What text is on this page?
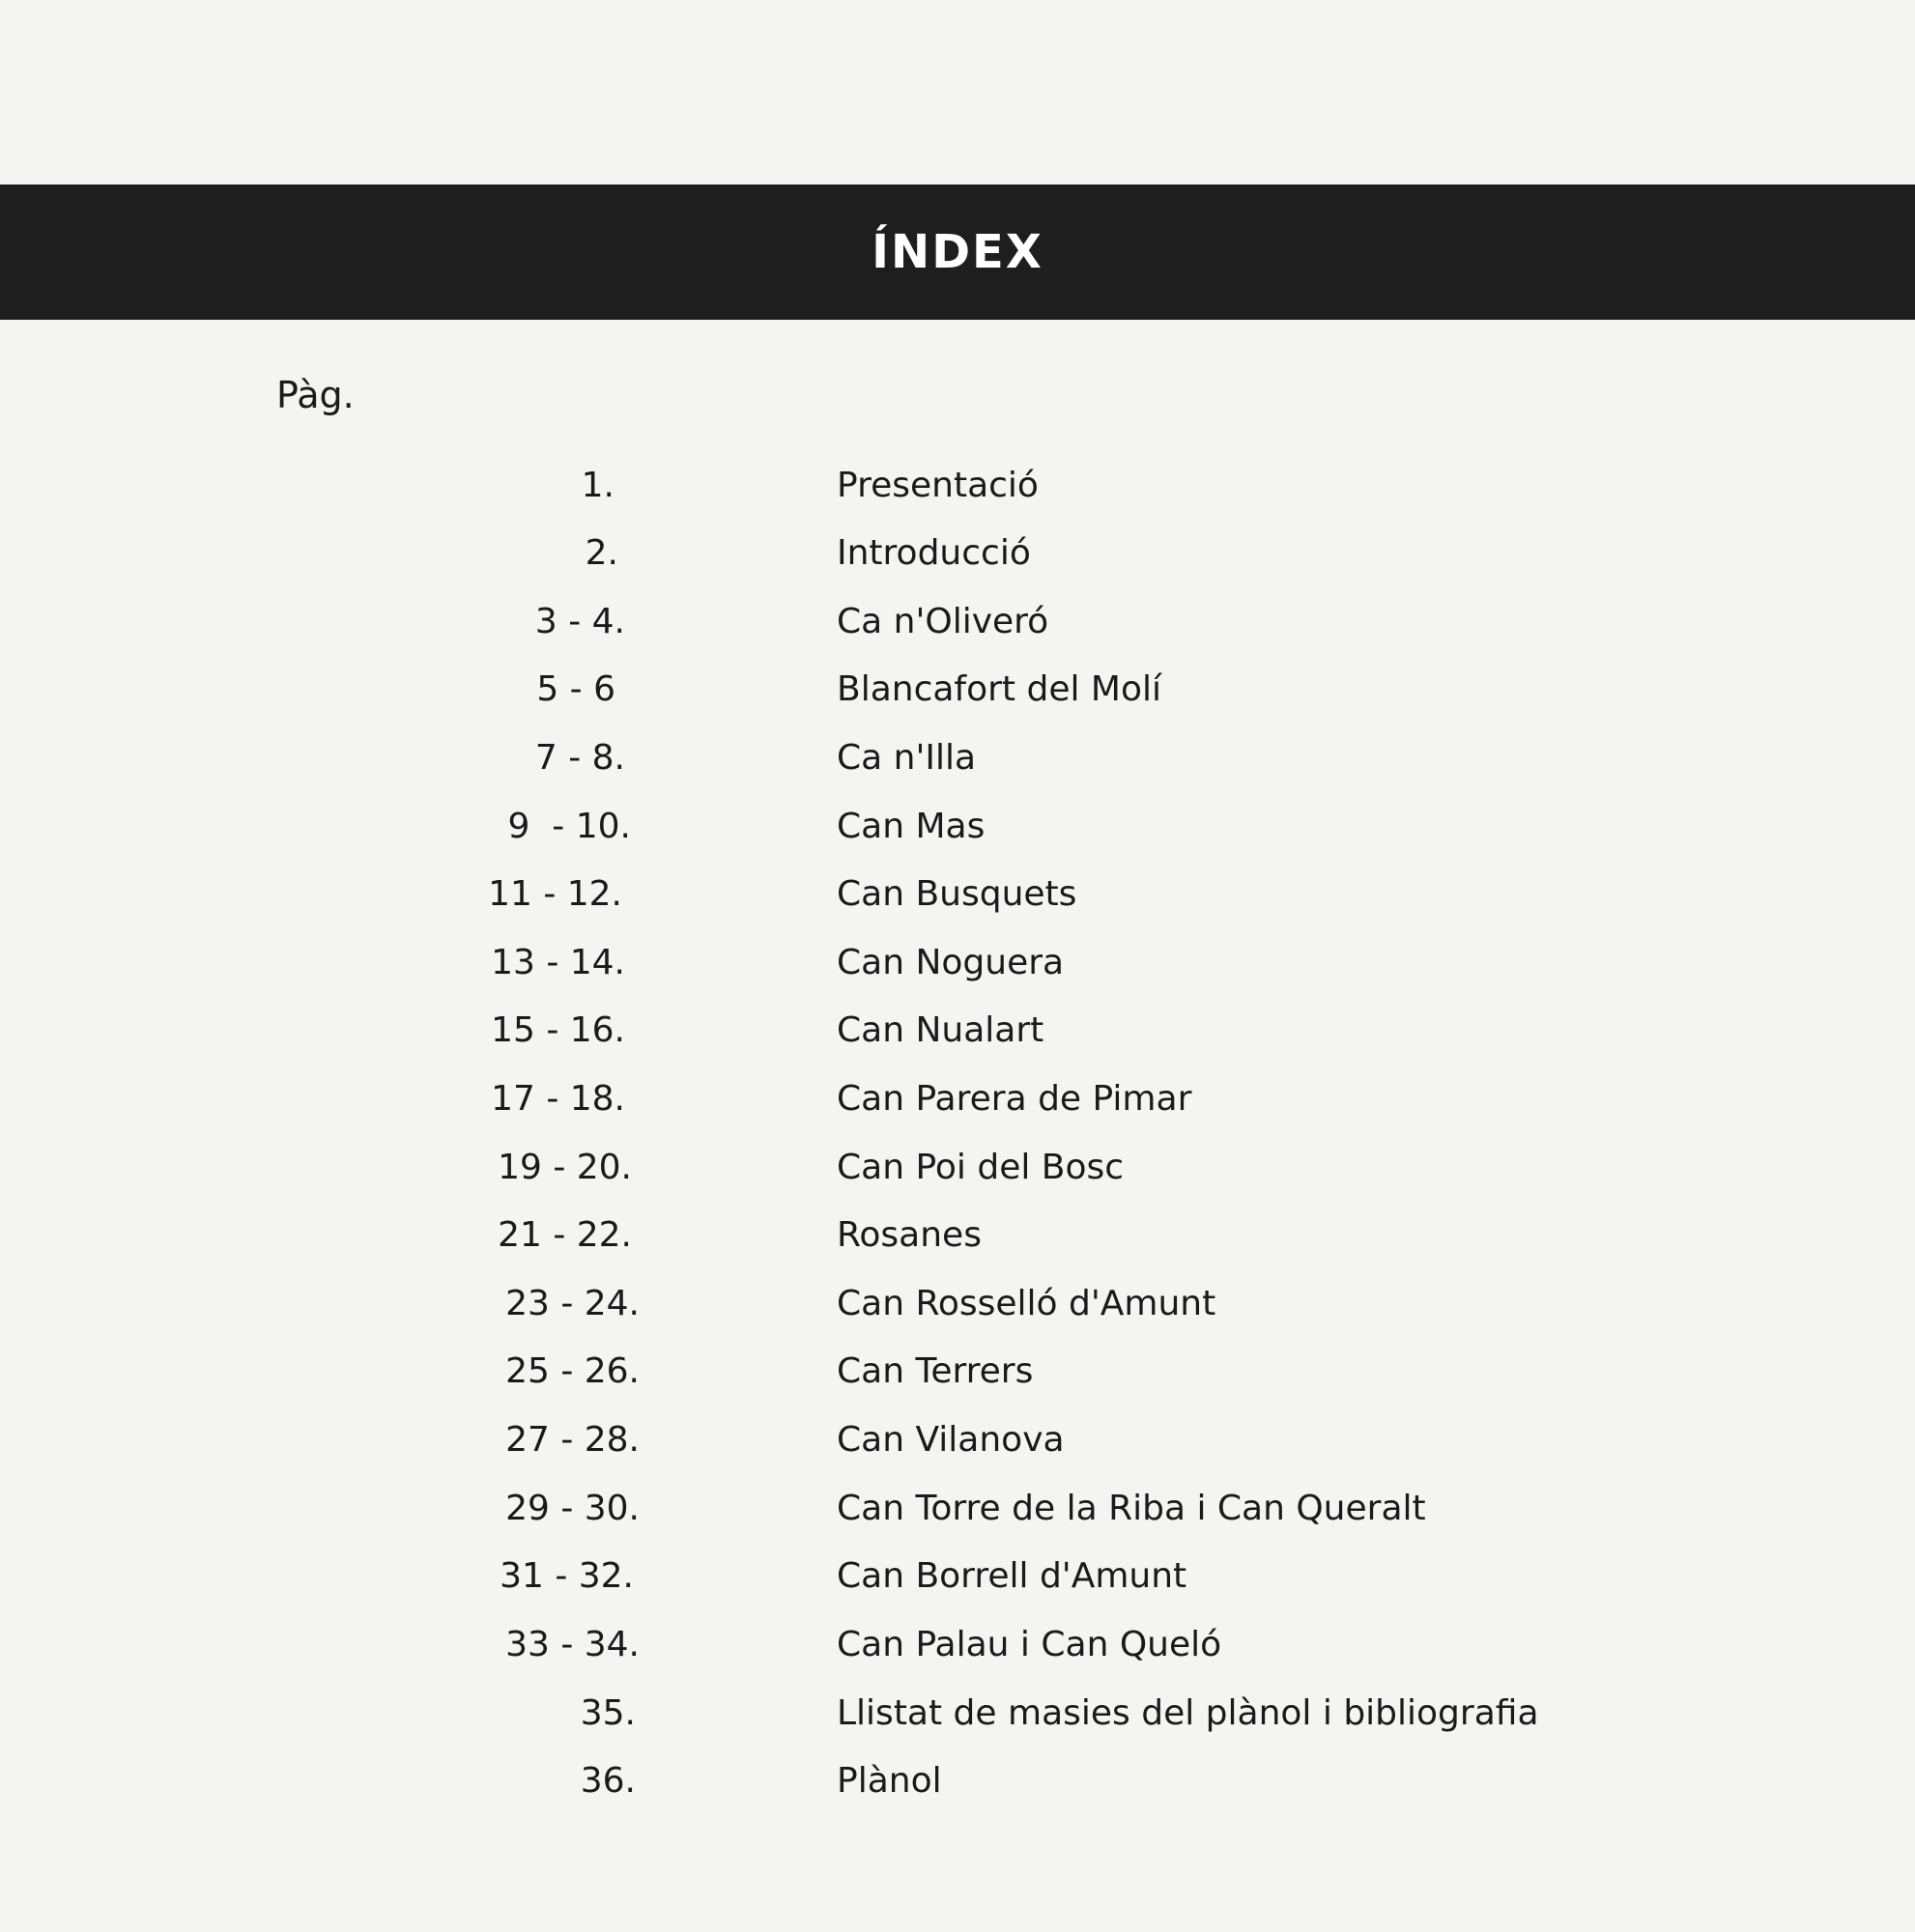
ÍNDEX
Pàg.
1.	Presentació
2.	Introducció
3 - 4.	Ca n'Oliveró
5 - 6	Blancafort del Molí
7 - 8.	Ca n'Illa
9  - 10.	Can Mas
11 - 12.	Can Busquets
13 - 14.	Can Noguera
15 - 16.	Can Nualart
17 - 18.	Can Parera de Pimar
19 - 20.	Can Poi del Bosc
21 - 22.	Rosanes
23 - 24.	Can Rosselló d'Amunt
25 - 26.	Can Terrers
27 - 28.	Can Vilanova
29 - 30.	Can Torre de la Riba i Can Queralt
31 - 32.	Can Borrell d'Amunt
33 - 34.	Can Palau i Can Queló
35.	Llistat de masies del plànol i bibliografia
36.	Plànol
